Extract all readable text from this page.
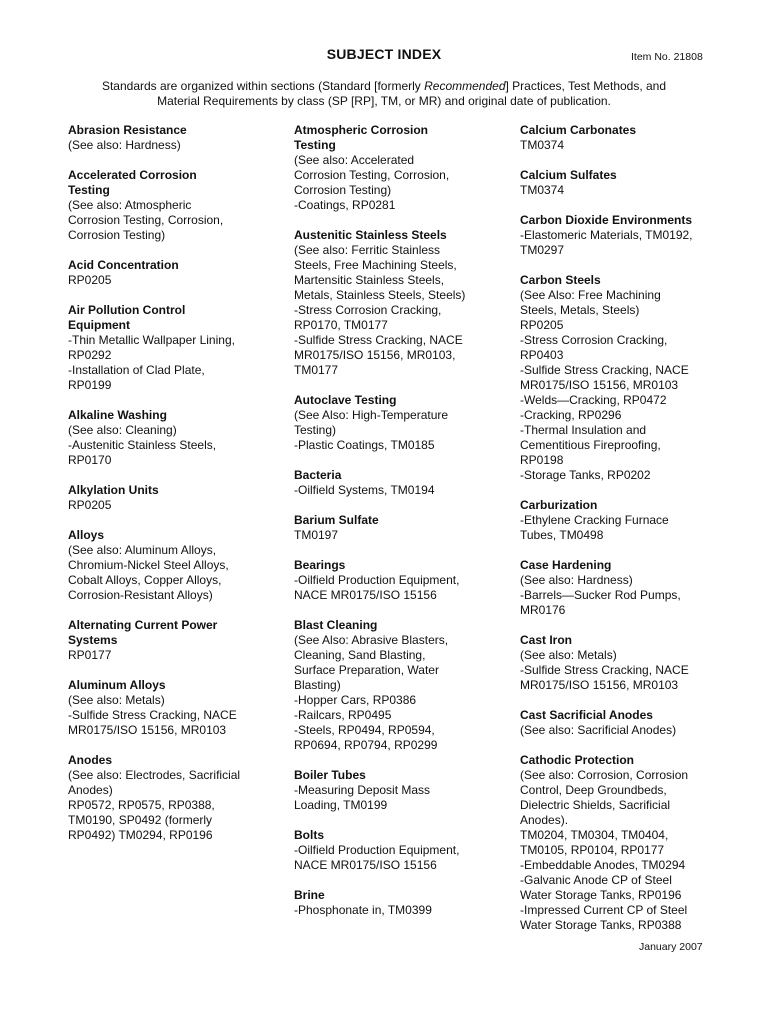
SUBJECT INDEX	Item No. 21808
Standards are organized within sections (Standard [formerly Recommended] Practices, Test Methods, and
Material Requirements by class (SP [RP], TM, or MR) and original date of publication.
Abrasion Resistance
(See also: Hardness)
Accelerated Corrosion
Testing
(See also: Atmospheric
Corrosion Testing, Corrosion,
Corrosion Testing)
Acid Concentration
RP0205
Air Pollution Control
Equipment
-Thin Metallic Wallpaper Lining,
RP0292
-Installation of Clad Plate,
RP0199
Alkaline Washing
(See also: Cleaning)
-Austenitic Stainless Steels,
RP0170
Alkylation Units
RP0205
Alloys
(See also: Aluminum Alloys,
Chromium-Nickel Steel Alloys,
Cobalt Alloys, Copper Alloys,
Corrosion-Resistant Alloys)
Alternating Current Power
Systems
RP0177
Aluminum Alloys
(See also: Metals)
-Sulfide Stress Cracking, NACE
MR0175/ISO 15156, MR0103
Anodes
(See also: Electrodes, Sacrificial
Anodes)
RP0572, RP0575, RP0388,
TM0190, SP0492 (formerly
RP0492) TM0294, RP0196
Atmospheric Corrosion
Testing
(See also: Accelerated
Corrosion Testing, Corrosion,
Corrosion Testing)
-Coatings, RP0281
Austenitic Stainless Steels
(See also: Ferritic Stainless
Steels, Free Machining Steels,
Martensitic Stainless Steels,
Metals, Stainless Steels, Steels)
-Stress Corrosion Cracking,
RP0170, TM0177
-Sulfide Stress Cracking, NACE
MR0175/ISO 15156, MR0103,
TM0177
Autoclave Testing
(See Also: High-Temperature
Testing)
-Plastic Coatings, TM0185
Bacteria
-Oilfield Systems, TM0194
Barium Sulfate
TM0197
Bearings
-Oilfield Production Equipment,
NACE MR0175/ISO 15156
Blast Cleaning
(See Also: Abrasive Blasters,
Cleaning, Sand Blasting,
Surface Preparation, Water
Blasting)
-Hopper Cars, RP0386
-Railcars, RP0495
-Steels, RP0494, RP0594,
RP0694, RP0794, RP0299
Boiler Tubes
-Measuring Deposit Mass
Loading, TM0199
Bolts
-Oilfield Production Equipment,
NACE MR0175/ISO 15156
Brine
-Phosphonate in, TM0399
Calcium Carbonates
TM0374
Calcium Sulfates
TM0374
Carbon Dioxide Environments
-Elastomeric Materials, TM0192,
TM0297
Carbon Steels
(See Also: Free Machining
Steels, Metals, Steels)
RP0205
-Stress Corrosion Cracking,
RP0403
-Sulfide Stress Cracking, NACE
MR0175/ISO 15156, MR0103
-Welds—Cracking, RP0472
-Cracking, RP0296
-Thermal Insulation and
Cementitious Fireproofing,
RP0198
-Storage Tanks, RP0202
Carburization
-Ethylene Cracking Furnace
Tubes, TM0498
Case Hardening
(See also: Hardness)
-Barrels—Sucker Rod Pumps,
MR0176
Cast Iron
(See also: Metals)
-Sulfide Stress Cracking, NACE
MR0175/ISO 15156, MR0103
Cast Sacrificial Anodes
(See also: Sacrificial Anodes)
Cathodic Protection
(See also: Corrosion, Corrosion
Control, Deep Groundbeds,
Dielectric Shields, Sacrificial
Anodes).
TM0204, TM0304, TM0404,
TM0105, RP0104, RP0177
-Embeddable Anodes, TM0294
-Galvanic Anode CP of Steel
Water Storage Tanks, RP0196
-Impressed Current CP of Steel
Water Storage Tanks, RP0388
January 2007
